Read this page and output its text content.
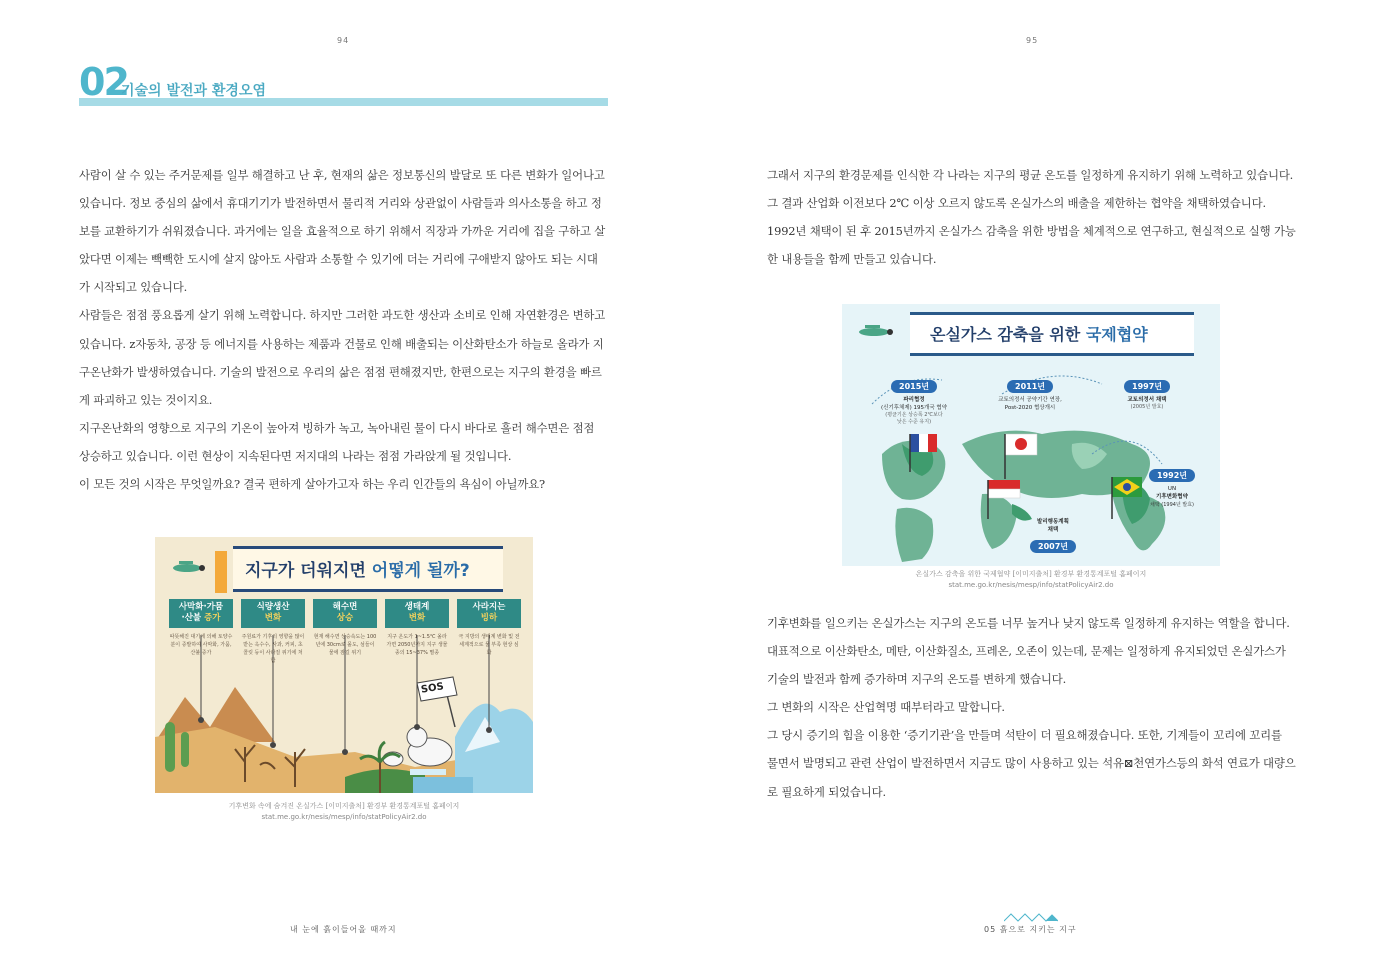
94
02
기술의 발전과 환경오염

사람이 살 수 있는 주거문제를 일부 해결하고 난 후, 현재의 삶은 정보통신의 발달로 또 다른 변화가 일어나고 있습니다. 정보 중심의 삶에서 휴대기기가 발전하면서 물리적 거리와 상관없이 사람들과 의사소통을 하고 정보를 교환하기가 쉬워졌습니다. 과거에는 일을 효율적으로 하기 위해서 직장과 가까운 거리에 집을 구하고 살았다면 이제는 빽빽한 도시에 살지 않아도 사람과 소통할 수 있기에 더는 거리에 구애받지 않아도 되는 시대가 시작되고 있습니다.

사람들은 점점 풍요롭게 살기 위해 노력합니다. 하지만 그러한 과도한 생산과 소비로 인해 자연환경은 변하고 있습니다. z자동차, 공장 등 에너지를 사용하는 제품과 건물로 인해 배출되는 이산화탄소가 하늘로 올라가 지구온난화가 발생하였습니다. 기술의 발전으로 우리의 삶은 점점 편해졌지만, 한편으로는 지구의 환경을 빠르게 파괴하고 있는 것이지요.

지구온난화의 영향으로 지구의 기온이 높아져 빙하가 녹고, 녹아내린 물이 다시 바다로 흘러 해수면은 점점 상승하고 있습니다. 이런 현상이 지속된다면 저지대의 나라는 점점 가라앉게 될 것입니다.

이 모든 것의 시작은 무엇일까요? 결국 편하게 살아가고자 하는 우리 인간들의 욕심이 아닐까요?

지구가 더워지면 어떻게 될까?
사막화·가뭄
·산불 증가
따뜻해진 대기에 의해 토양수분이 증발하여 사막화, 가뭄, 산불 증가
식량생산
변화
주원료가 기후의 영향을 많이 받는 옥수수, 사과, 커피, 초콜릿 등이 사라질 위기에 처함
해수면
상승
현재 해수면 상승속도는 100년에 30cm로 몰도, 섬들이 물에 잠길 위기
생태계
변화
지구 온도가 1~1.5℃ 올라가면 2050년까지 지구 생물 종의 15~37% 멸종
사라지는
빙하
극 지방의 생태계 변화 및 전 세계적으로 물 부족 현상 심화
SOS
기후변화 속에 숨겨진 온실가스 [이미지출처] 환경부 환경통계포털 홈페이지
stat.me.go.kr/nesis/mesp/info/statPolicyAir2.do
내 눈에 흙이들어올 때까지
95

그래서 지구의 환경문제를 인식한 각 나라는 지구의 평균 온도를 일정하게 유지하기 위해 노력하고 있습니다. 그 결과 산업화 이전보다 2℃ 이상 오르지 않도록 온실가스의 배출을 제한하는 협약을 채택하였습니다. 1992년 채택이 된 후 2015년까지 온실가스 감축을 위한 방법을 체계적으로 연구하고, 현실적으로 실행 가능한 내용들을 함께 만들고 있습니다.

온실가스 감축을 위한 국제협약
2015년
파리협정
(신기후체제) 195개국 협약
(평균기온 상승폭 2℃보다
낮은 수준 유지)
2011년
교토의정서 공약기간 연장,
Post-2020 협상개시
1997년
교토의정서 채택
(2005년 발효)
1992년
UN
기후변화협약
채택 (1994년 발효)
발리행동계획
채택
2007년
온실가스 감축을 위한 국제협약 [이미지출처] 환경부 환경통계포털 홈페이지
stat.me.go.kr/nesis/mesp/info/statPolicyAir2.do

기후변화를 일으키는 온실가스는 지구의 온도를 너무 높거나 낮지 않도록 일정하게 유지하는 역할을 합니다. 대표적으로 이산화탄소, 메탄, 이산화질소, 프레온, 오존이 있는데, 문제는 일정하게 유지되었던 온실가스가 기술의 발전과 함께 증가하며 지구의 온도를 변하게 했습니다.

그 변화의 시작은 산업혁명 때부터라고 말합니다.

그 당시 증기의 힘을 이용한 ‘증기기관’을 만들며 석탄이 더 필요해졌습니다. 또한, 기계들이 꼬리에 꼬리를 물면서 발명되고 관련 산업이 발전하면서 지금도 많이 사용하고 있는 석유⊠천연가스등의 화석 연료가 대량으로 필요하게 되었습니다.

05 흙으로 지키는 지구
